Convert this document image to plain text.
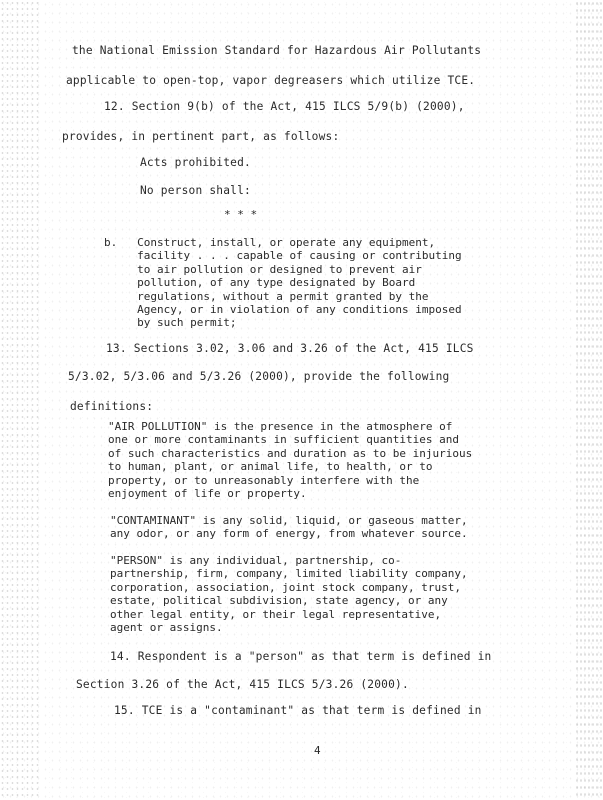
the National Emission Standard for Hazardous Air Pollutants
applicable to open-top, vapor degreasers which utilize TCE.
12. Section 9(b) of the Act, 415 ILCS 5/9(b) (2000),
provides, in pertinent part, as follows:
Acts prohibited.
No person shall:
* * *
b.   Construct, install, or operate any equipment,
facility . . . capable of causing or contributing
to air pollution or designed to prevent air
pollution, of any type designated by Board
regulations, without a permit granted by the
Agency, or in violation of any conditions imposed
by such permit;
13. Sections 3.02, 3.06 and 3.26 of the Act, 415 ILCS
5/3.02, 5/3.06 and 5/3.26 (2000), provide the following
definitions:
"AIR POLLUTION" is the presence in the atmosphere of
one or more contaminants in sufficient quantities and
of such characteristics and duration as to be injurious
to human, plant, or animal life, to health, or to
property, or to unreasonably interfere with the
enjoyment of life or property.
"CONTAMINANT" is any solid, liquid, or gaseous matter,
any odor, or any form of energy, from whatever source.
"PERSON" is any individual, partnership, co-
partnership, firm, company, limited liability company,
corporation, association, joint stock company, trust,
estate, political subdivision, state agency, or any
other legal entity, or their legal representative,
agent or assigns.
14. Respondent is a "person" as that term is defined in
Section 3.26 of the Act, 415 ILCS 5/3.26 (2000).
15. TCE is a "contaminant" as that term is defined in
4
